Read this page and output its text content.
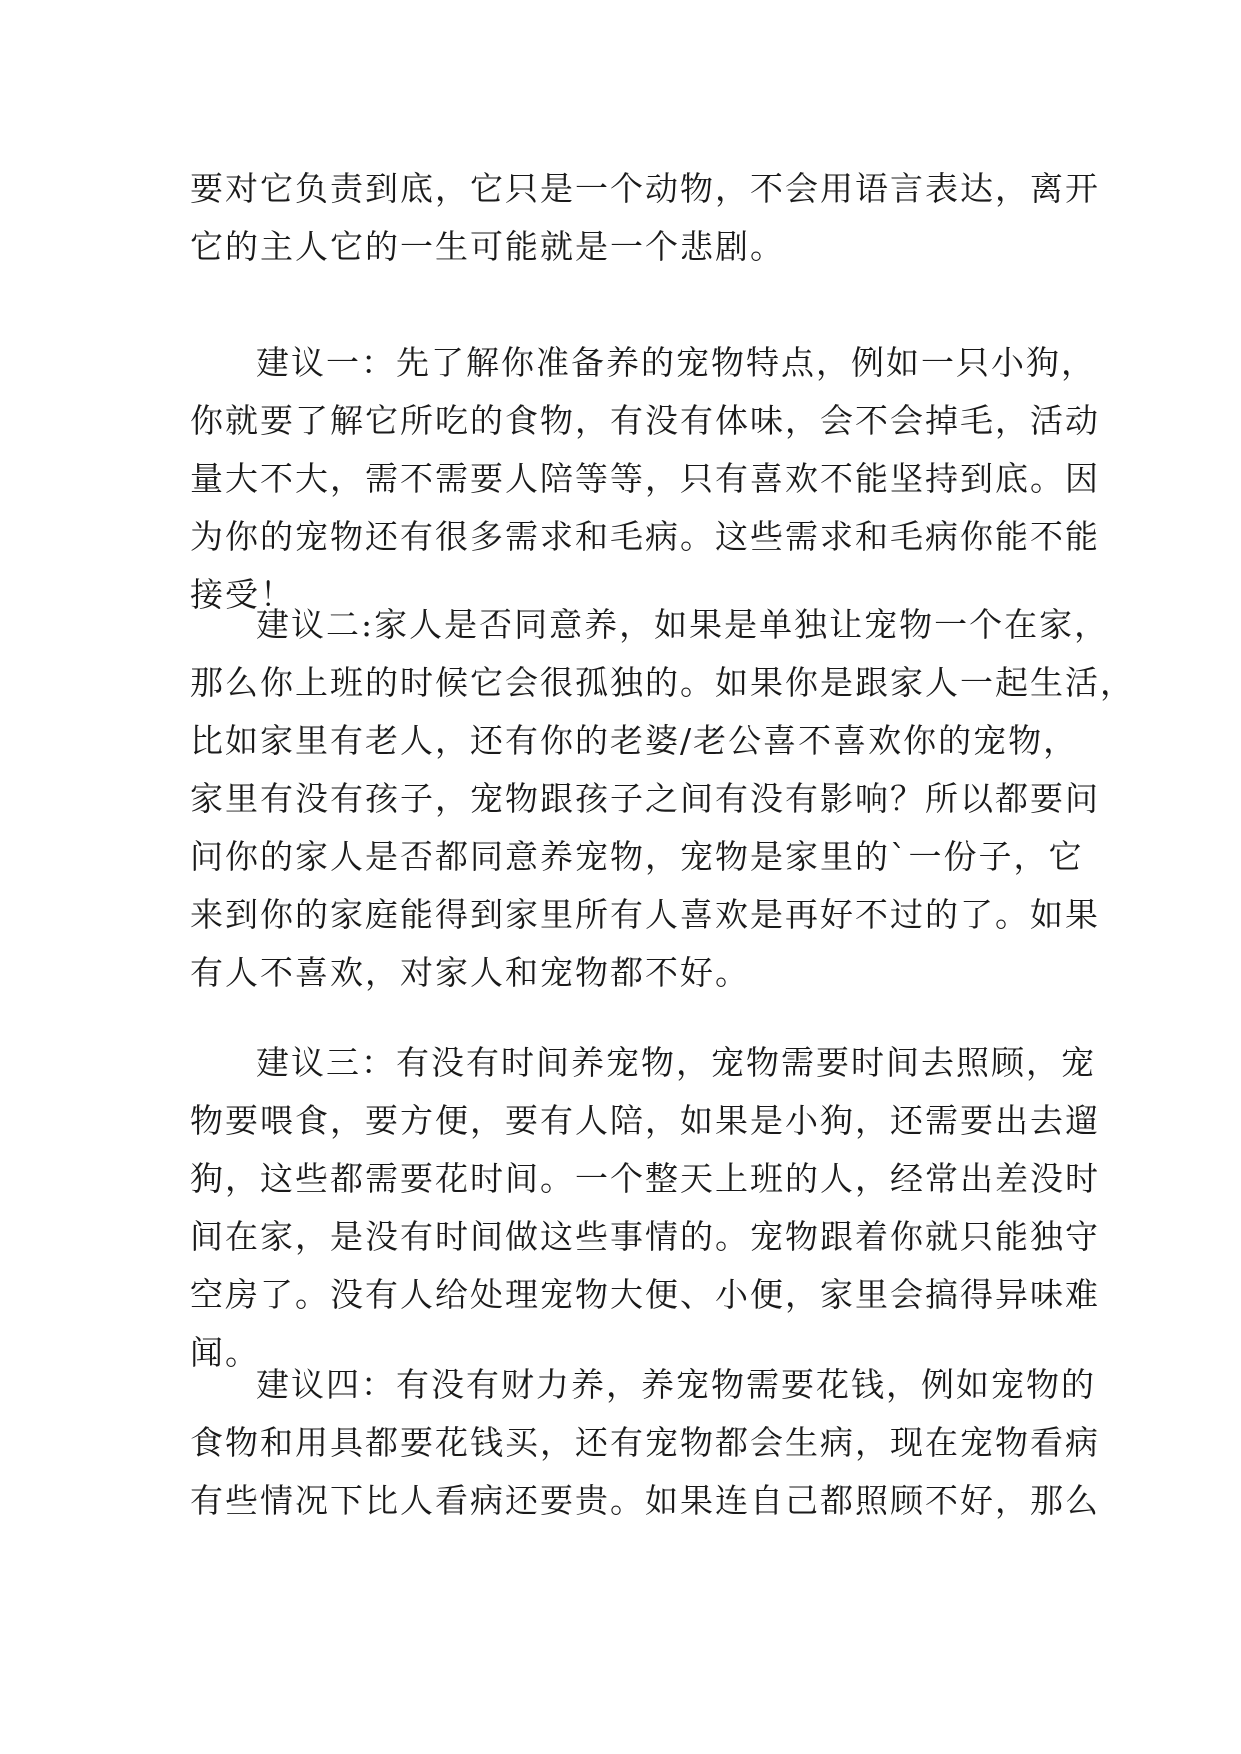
要对它负责到底，它只是一个动物，不会用语言表达，离开
它的主人它的一生可能就是一个悲剧。
建议一：先了解你准备养的宠物特点，例如一只小狗，
你就要了解它所吃的食物，有没有体味，会不会掉毛，活动
量大不大，需不需要人陪等等，只有喜欢不能坚持到底。因
为你的宠物还有很多需求和毛病。这些需求和毛病你能不能
接受！
建议二:家人是否同意养，如果是单独让宠物一个在家，
那么你上班的时候它会很孤独的。如果你是跟家人一起生活，
比如家里有老人，还有你的老婆/老公喜不喜欢你的宠物，
家里有没有孩子，宠物跟孩子之间有没有影响？所以都要问
问你的家人是否都同意养宠物，宠物是家里的`一份子，它
来到你的家庭能得到家里所有人喜欢是再好不过的了。如果
有人不喜欢，对家人和宠物都不好。
建议三：有没有时间养宠物，宠物需要时间去照顾，宠
物要喂食，要方便，要有人陪，如果是小狗，还需要出去遛
狗，这些都需要花时间。一个整天上班的人，经常出差没时
间在家，是没有时间做这些事情的。宠物跟着你就只能独守
空房了。没有人给处理宠物大便、小便，家里会搞得异味难
闻。
建议四：有没有财力养，养宠物需要花钱，例如宠物的
食物和用具都要花钱买，还有宠物都会生病，现在宠物看病
有些情况下比人看病还要贵。如果连自己都照顾不好，那么
